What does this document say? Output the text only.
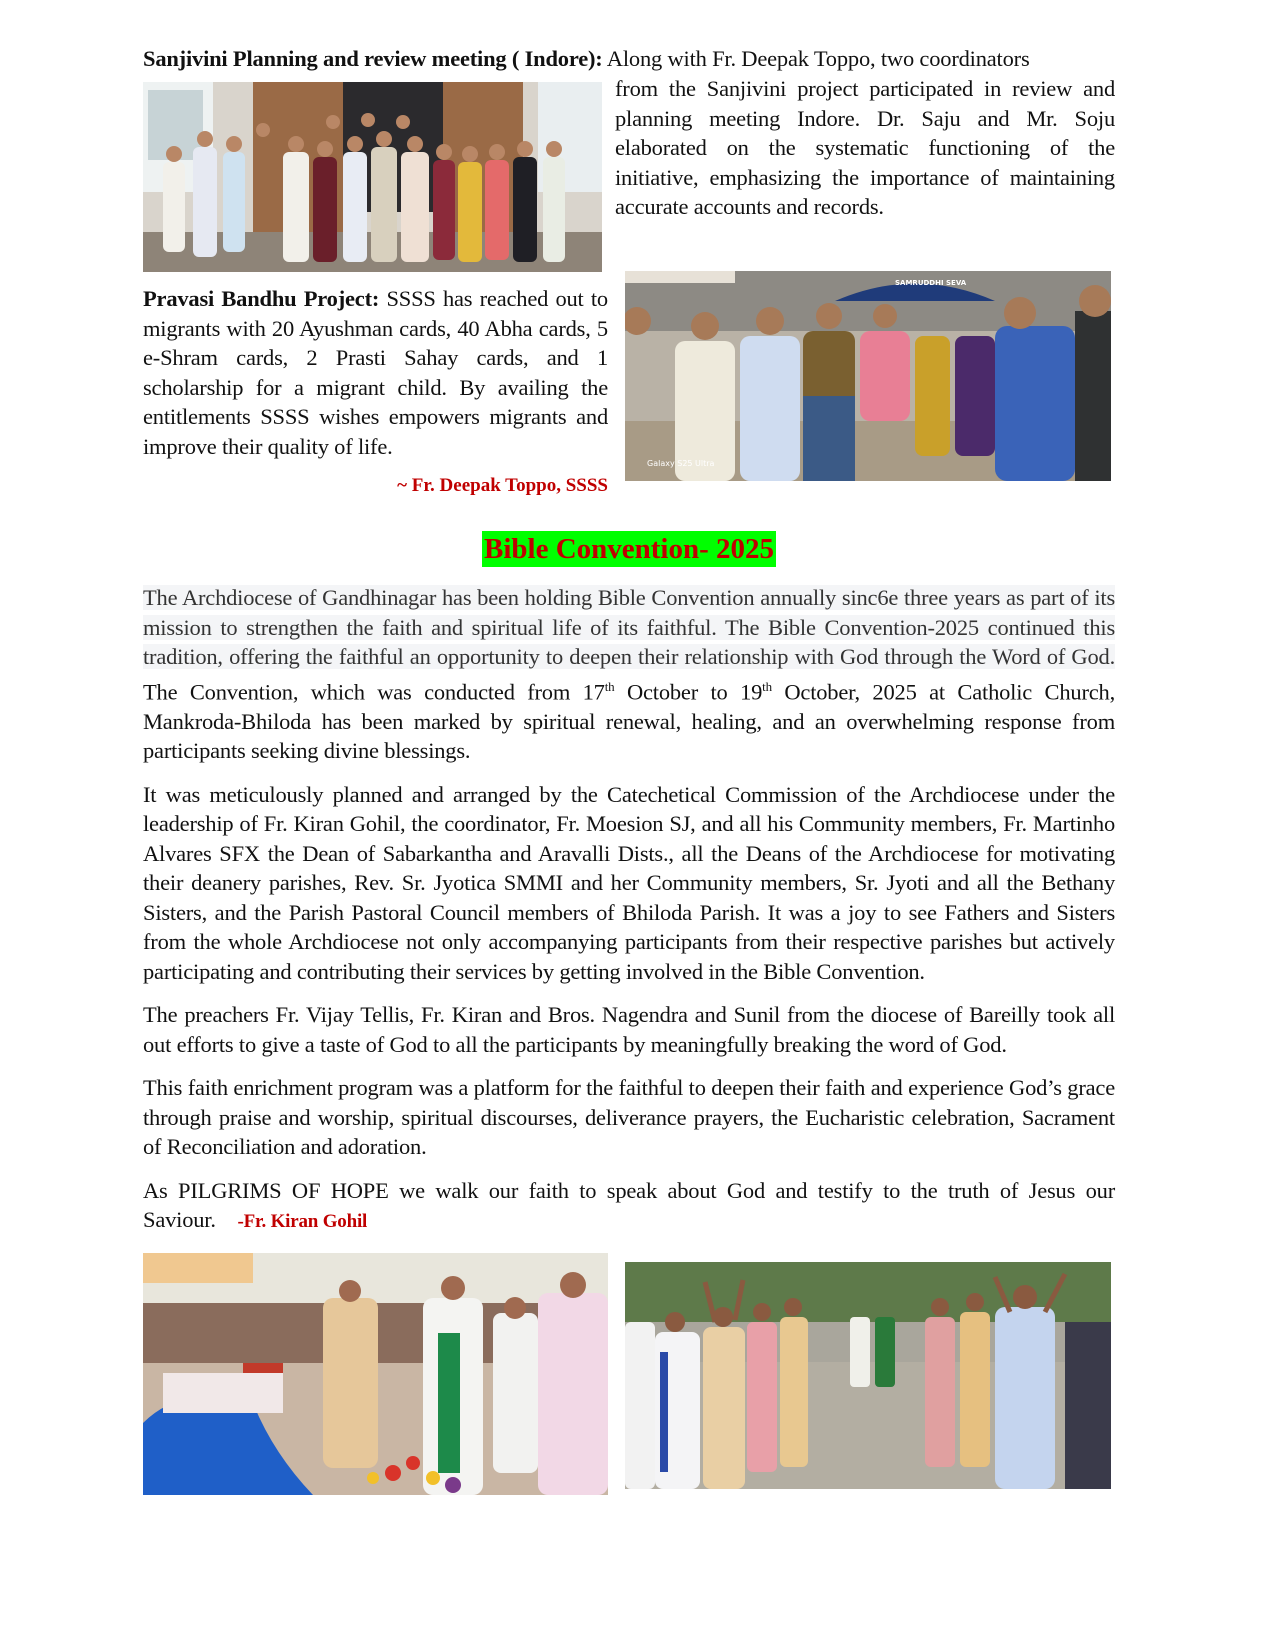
Sanjivini Planning and review meeting ( Indore): Along with Fr. Deepak Toppo, two coordinators

from the Sanjivini project participated in review and planning meeting Indore. Dr. Saju and Mr. Soju elaborated on the systematic functioning of the initiative, emphasizing the importance of maintaining accurate accounts and records.

Pravasi Bandhu Project: SSSS has reached out to migrants with 20 Ayushman cards, 40 Abha cards, 5 e-Shram cards, 2 Prasti Sahay cards, and 1 scholarship for a migrant child. By availing the entitlements SSSS wishes empowers migrants and improve their quality of life.

~ Fr. Deepak Toppo, SSSS
SAMRUDDHI SEVA
Galaxy S25 Ultra
Bible Convention- 2025

The Archdiocese of Gandhinagar has been holding Bible Convention annually sinc6e three years as part of its mission to strengthen the faith and spiritual life of its faithful. The Bible Convention-2025 continued this tradition, offering the faithful an opportunity to deepen their relationship with God through the Word of God. The Convention, which was conducted from 17th October to 19th October, 2025 at Catholic Church, Mankroda-Bhiloda has been marked by spiritual renewal, healing, and an overwhelming response from participants seeking divine blessings.

It was meticulously planned and arranged by the Catechetical Commission of the Archdiocese under the leadership of Fr. Kiran Gohil, the coordinator, Fr. Moesion SJ, and all his Community members, Fr. Martinho Alvares SFX the Dean of Sabarkantha and Aravalli Dists., all the Deans of the Archdiocese for motivating their deanery parishes, Rev. Sr. Jyotica SMMI and her Community members, Sr. Jyoti and all the Bethany Sisters, and the Parish Pastoral Council members of Bhiloda Parish. It was a joy to see Fathers and Sisters from the whole Archdiocese not only accompanying participants from their respective parishes but actively participating and contributing their services by getting involved in the Bible Convention.

The preachers Fr. Vijay Tellis, Fr. Kiran and Bros. Nagendra and Sunil from the diocese of Bareilly took all out efforts to give a taste of God to all the participants by meaningfully breaking the word of God.

This faith enrichment program was a platform for the faithful to deepen their faith and experience God’s grace through praise and worship, spiritual discourses, deliverance prayers, the Eucharistic celebration, Sacrament of Reconciliation and adoration.

As PILGRIMS OF HOPE we walk our faith to speak about God and testify to the truth of Jesus our Saviour. -Fr. Kiran Gohil
